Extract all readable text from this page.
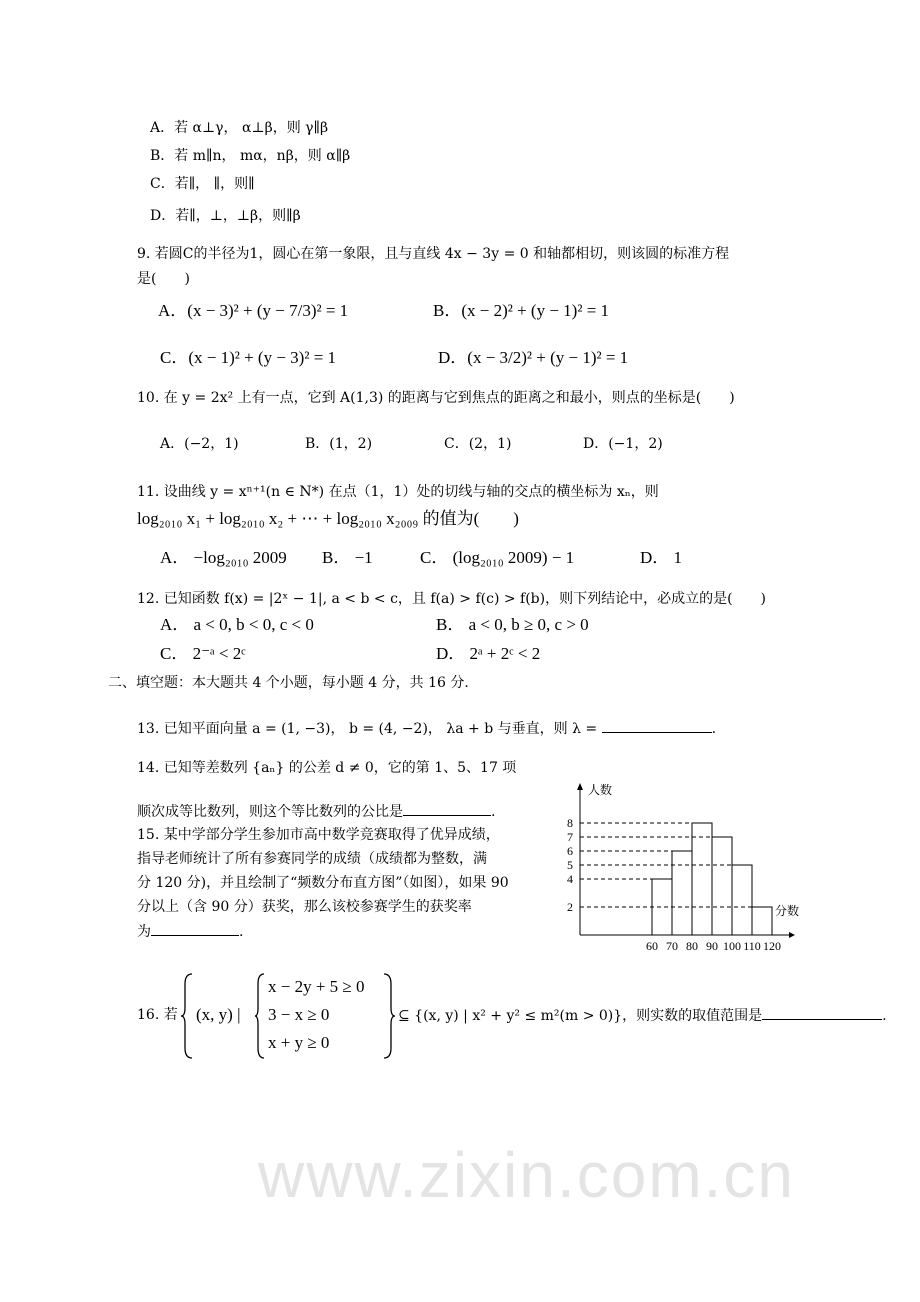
www.zixin.com.cn
A．若 α⊥γ， α⊥β，则 γ∥β
B．若 m∥n， mα，nβ，则 α∥β
C．若∥， ∥，则∥
D．若∥，⊥，⊥β，则∥β
9. 若圆C的半径为1，圆心在第一象限，且与直线 4x − 3y = 0 和轴都相切，则该圆的标准方程
是(　　)
A．(x − 3)² + (y − 7/3)² = 1	B．(x − 2)² + (y − 1)² = 1
C．(x − 1)² + (y − 3)² = 1	D．(x − 3/2)² + (y − 1)² = 1
10. 在 y = 2x² 上有一点，它到 A(1,3) 的距离与它到焦点的距离之和最小，则点的坐标是(　　)
A．(−2，1)	B．(1，2)	C．(2，1)	D．(−1，2)
11. 设曲线 y = xⁿ⁺¹(n ∈ N*) 在点（1，1）处的切线与轴的交点的横坐标为 xₙ，则
log₂₀₁₀ x₁ + log₂₀₁₀ x₂ + ⋯ + log₂₀₁₀ x₂₀₀₉ 的值为(　　)
A． −log₂₀₁₀ 2009 B． −1	C． (log₂₀₁₀ 2009) − 1	D． 1
12. 已知函数 f(x) = |2ˣ − 1|, a < b < c，且 f(a) > f(c) > f(b)，则下列结论中，必成立的是(　　)
A． a < 0, b < 0, c < 0	B． a < 0, b ≥ 0, c > 0
C． 2⁻ᵃ < 2ᶜ	D． 2ᵃ + 2ᶜ < 2
二、填空题：本大题共 4 个小题，每小题 4 分，共 16 分.
13. 已知平面向量 a = (1, −3)， b = (4, −2)， λa + b 与垂直，则 λ =	.
14. 已知等差数列 {aₙ} 的公差 d ≠ 0，它的第 1、5、17 项
顺次成等比数列，则这个等比数列的公比是	.
15. 某中学部分学生参加市高中数学竞赛取得了优异成绩，
指导老师统计了所有参赛同学的成绩（成绩都为整数，满
分 120 分)，并且绘制了“频数分布直方图”（如图），如果 90
分以上（含 90 分）获奖，那么该校参赛学生的获奖率
为	.
2
4
5
6
7
8
60 70 80 90 100 110 120
人数
分数
16. 若 (x, y) |
x − 2y + 5 ≥ 0
3 − x ≥ 0
x + y ≥ 0
⊆ {(x, y) | x² + y² ≤ m²(m > 0)}，则实数的取值范围是	.
